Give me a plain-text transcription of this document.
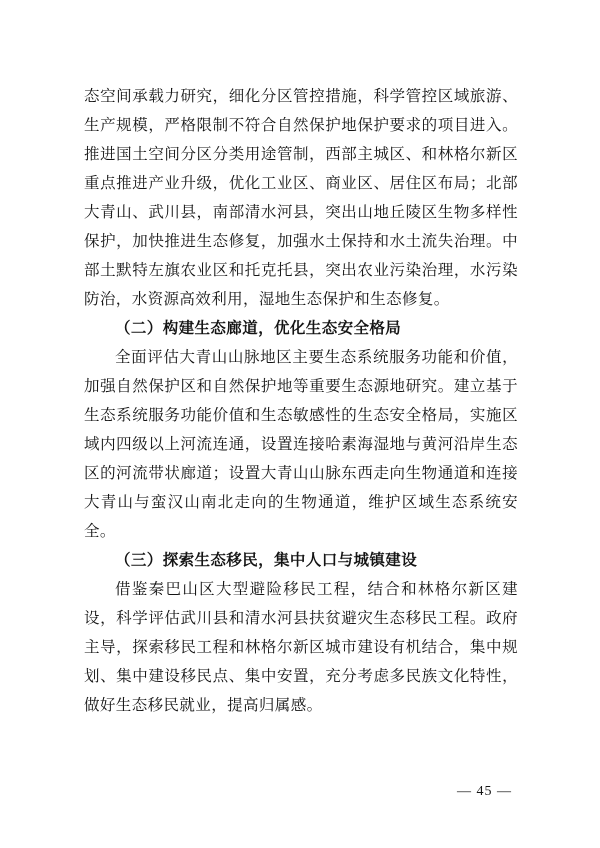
态空间承载力研究，细化分区管控措施，科学管控区域旅游、生产规模，严格限制不符合自然保护地保护要求的项目进入。推进国土空间分区分类用途管制，西部主城区、和林格尔新区重点推进产业升级，优化工业区、商业区、居住区布局；北部大青山、武川县，南部清水河县，突出山地丘陵区生物多样性保护，加快推进生态修复，加强水土保持和水土流失治理。中部土默特左旗农业区和托克托县，突出农业污染治理，水污染防治，水资源高效利用，湿地生态保护和生态修复。

（二）构建生态廊道，优化生态安全格局

全面评估大青山山脉地区主要生态系统服务功能和价值，加强自然保护区和自然保护地等重要生态源地研究。建立基于生态系统服务功能价值和生态敏感性的生态安全格局，实施区域内四级以上河流连通，设置连接哈素海湿地与黄河沿岸生态区的河流带状廊道；设置大青山山脉东西走向生物通道和连接大青山与蛮汉山南北走向的生物通道，维护区域生态系统安全。

（三）探索生态移民，集中人口与城镇建设

借鉴秦巴山区大型避险移民工程，结合和林格尔新区建设，科学评估武川县和清水河县扶贫避灾生态移民工程。政府主导，探索移民工程和林格尔新区城市建设有机结合，集中规划、集中建设移民点、集中安置，充分考虑多民族文化特性，做好生态移民就业，提高归属感。

— 45 —
